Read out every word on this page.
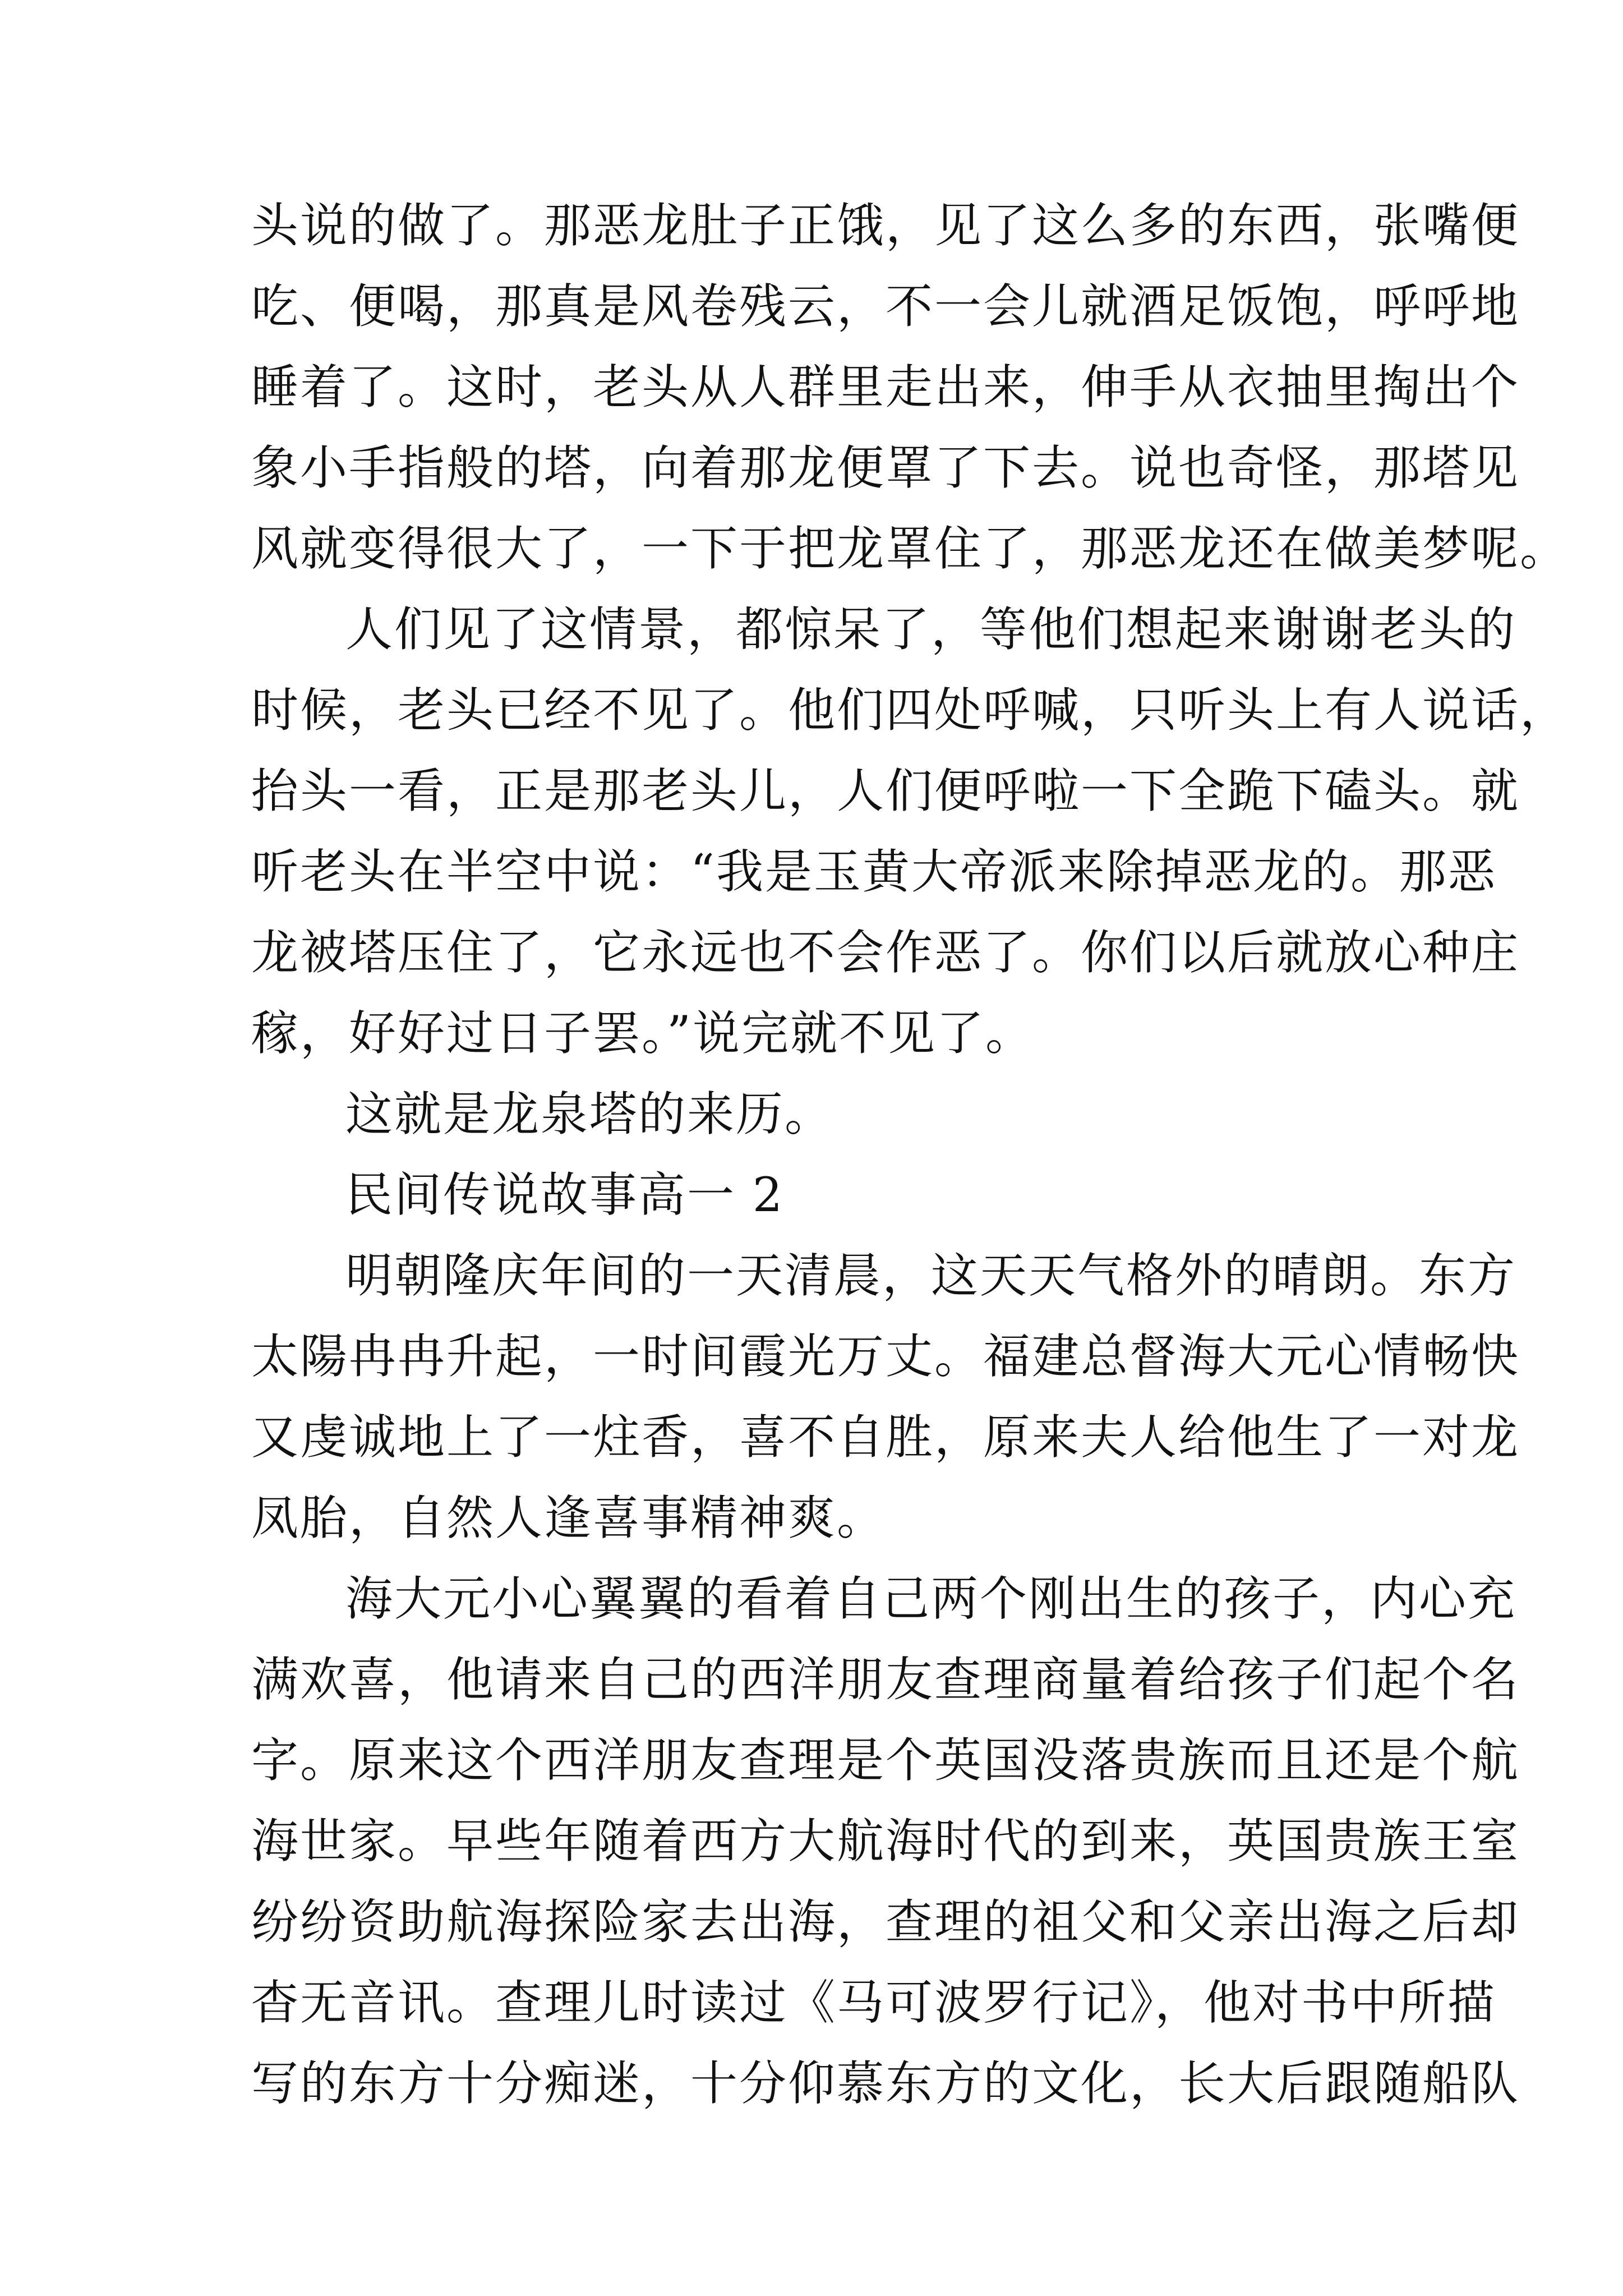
头说的做了。那恶龙肚子正饿，见了这么多的东西，张嘴便
吃、便喝，那真是风卷残云，不一会儿就酒足饭饱，呼呼地
睡着了。这时，老头从人群里走出来，伸手从衣抽里掏出个
象小手指般的塔，向着那龙便罩了下去。说也奇怪，那塔见
风就变得很大了，一下于把龙罩住了，那恶龙还在做美梦呢。
人们见了这情景，都惊呆了，等他们想起来谢谢老头的
时候，老头已经不见了。他们四处呼喊，只听头上有人说话，
抬头一看，正是那老头儿，人们便呼啦一下全跪下磕头。就
听老头在半空中说：“我是玉黄大帝派来除掉恶龙的。那恶
龙被塔压住了，它永远也不会作恶了。你们以后就放心种庄
稼，好好过日子罢。”说完就不见了。
这就是龙泉塔的来历。
民间传说故事高一 2
明朝隆庆年间的一天清晨，这天天气格外的晴朗。东方
太陽冉冉升起，一时间霞光万丈。福建总督海大元心情畅快
又虔诚地上了一炷香，喜不自胜，原来夫人给他生了一对龙
凤胎，自然人逢喜事精神爽。
海大元小心翼翼的看着自己两个刚出生的孩子，内心充
满欢喜，他请来自己的西洋朋友查理商量着给孩子们起个名
字。原来这个西洋朋友查理是个英国没落贵族而且还是个航
海世家。早些年随着西方大航海时代的到来，英国贵族王室
纷纷资助航海探险家去出海，查理的祖父和父亲出海之后却
杳无音讯。查理儿时读过《马可波罗行记》，他对书中所描
写的东方十分痴迷，十分仰慕东方的文化，长大后跟随船队
